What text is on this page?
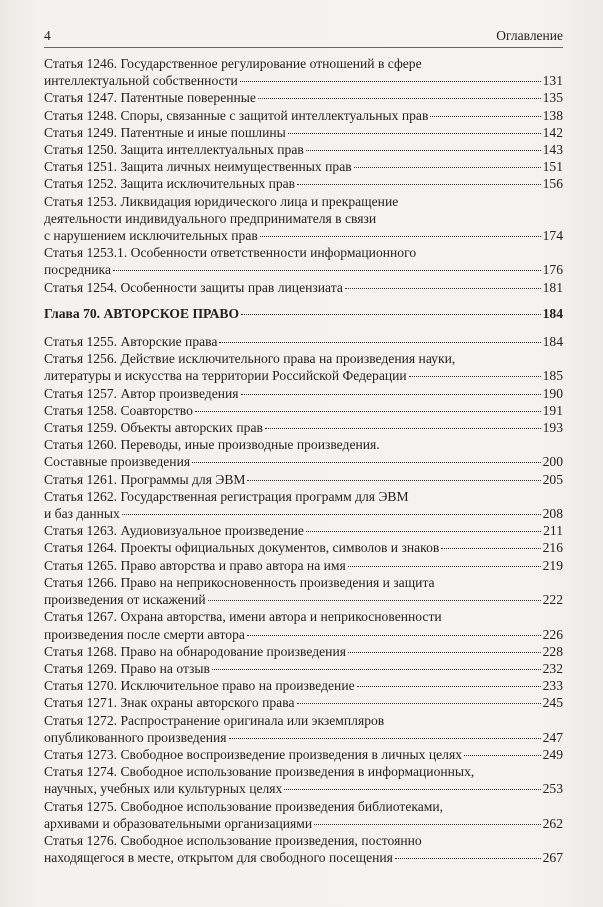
4	Оглавление
Статья 1246. Государственное регулирование отношений в сфере
интеллектуальной собственности	131
Статья 1247. Патентные поверенные	135
Статья 1248. Споры, связанные с защитой интеллектуальных прав	138
Статья 1249. Патентные и иные пошлины	142
Статья 1250. Защита интеллектуальных прав	143
Статья 1251. Защита личных неимущественных прав	151
Статья 1252. Защита исключительных прав	156
Статья 1253. Ликвидация юридического лица и прекращение
деятельности индивидуального предпринимателя в связи
с нарушением исключительных прав	174
Статья 1253.1. Особенности ответственности информационного
посредника	176
Статья 1254. Особенности защиты прав лицензиата	181
Глава 70. АВТОРСКОЕ ПРАВО	184
Статья 1255. Авторские права	184
Статья 1256. Действие исключительного права на произведения науки,
литературы и искусства на территории Российской Федерации	185
Статья 1257. Автор произведения	190
Статья 1258. Соавторство	191
Статья 1259. Объекты авторских прав	193
Статья 1260. Переводы, иные производные произведения.
Составные произведения	200
Статья 1261. Программы для ЭВМ	205
Статья 1262. Государственная регистрация программ для ЭВМ
и баз данных	208
Статья 1263. Аудиовизуальное произведение	211
Статья 1264. Проекты официальных документов, символов и знаков	216
Статья 1265. Право авторства и право автора на имя	219
Статья 1266. Право на неприкосновенность произведения и защита
произведения от искажений	222
Статья 1267. Охрана авторства, имени автора и неприкосновенности
произведения после смерти автора	226
Статья 1268. Право на обнародование произведения	228
Статья 1269. Право на отзыв	232
Статья 1270. Исключительное право на произведение	233
Статья 1271. Знак охраны авторского права	245
Статья 1272. Распространение оригинала или экземпляров
опубликованного произведения	247
Статья 1273. Свободное воспроизведение произведения в личных целях	249
Статья 1274. Свободное использование произведения в информационных,
научных, учебных или культурных целях	253
Статья 1275. Свободное использование произведения библиотеками,
архивами и образовательными организациями	262
Статья 1276. Свободное использование произведения, постоянно
находящегося в месте, открытом для свободного посещения	267
